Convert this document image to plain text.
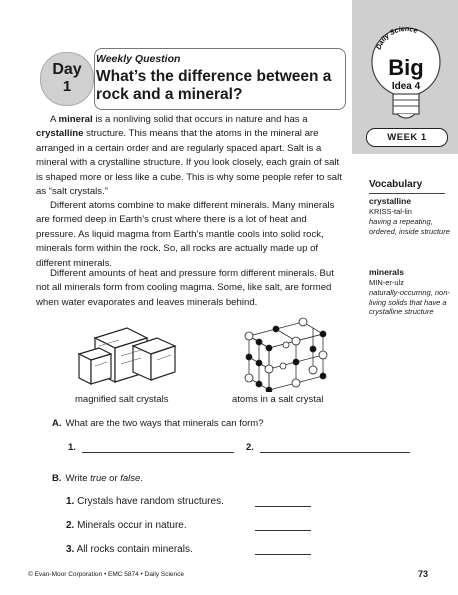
Daily Science
Big
Idea 4
WEEK 1
Day
1
Weekly Question
What’s the difference between a rock and a mineral?

A mineral is a nonliving solid that occurs in nature and has a crystalline structure. This means that the atoms in the mineral are arranged in a certain order and are regularly spaced apart. Salt is a mineral with a crystalline structure. If you look closely, each grain of salt is shaped more or less like a cube. This is why some people refer to salt as “salt crystals.”

Different atoms combine to make different minerals. Many minerals are formed deep in Earth’s crust where there is a lot of heat and pressure. As liquid magma from Earth’s mantle cools into solid rock, minerals form within the rock. So, all rocks are actually made up of different minerals.

Different amounts of heat and pressure form different minerals. But not all minerals form from cooling magma. Some, like salt, are formed when water evaporates and leaves minerals behind.

Vocabulary
crystalline
KRISS-tal-lin
having a repeating, ordered, inside structure
minerals
MIN-er-ulz
naturally-occurring, non-living solids that have a crystalline structure
magnified salt crystals	atoms in a salt crystal
A. What are the two ways that minerals can form?
1.	2.
B. Write true or false.
1. Crystals have random structures.
2. Minerals occur in nature.
3. All rocks contain minerals.
© Evan-Moor Corporation • EMC 5874 • Daily Science	73
